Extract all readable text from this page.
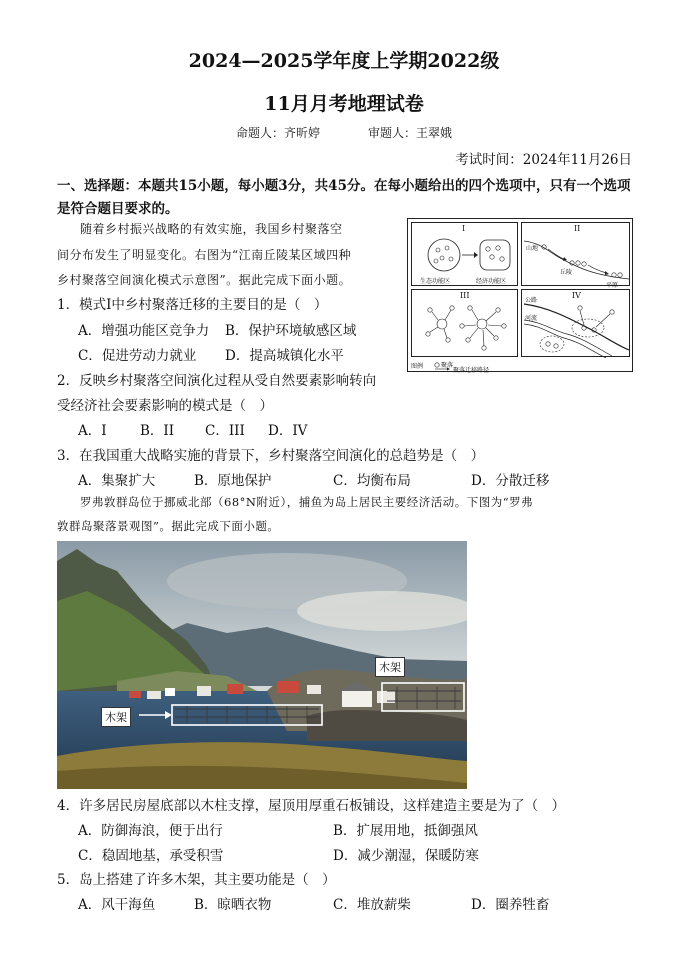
2024—2025学年度上学期2022级
11月月考地理试卷
命题人：齐昕婷	审题人：王翠娥
考试时间：2024年11月26日
一、选择题：本题共15小题，每小题3分，共45分。在每小题给出的四个选项中，只有一个选项是符合题目要求的。
随着乡村振兴战略的有效实施，我国乡村聚落空
间分布发生了明显变化。右图为“江南丘陵某区域四种
乡村聚落空间演化模式示意图”。据此完成下面小题。
I
生态功能区	经济功能区
II
山地
丘陵
平原
III	IV
公路
河流
图例	聚落
聚落迁移路径
1．模式Ⅰ中乡村聚落迁移的主要目的是（　）
A．增强功能区竞争力 B．保护环境敏感区域
C．促进劳动力就业 D．提高城镇化水平
2．反映乡村聚落空间演化过程从受自然要素影响转向
受经济社会要素影响的模式是（　）
A．I B．II C．III D．IV
3．在我国重大战略实施的背景下，乡村聚落空间演化的总趋势是（　）
A．集聚扩大	B．原地保护	C．均衡布局	D．分散迁移
罗弗敦群岛位于挪威北部（68°N附近），捕鱼为岛上居民主要经济活动。下图为“罗弗
敦群岛聚落景观图”。据此完成下面小题。
木架
木架
4．许多居民房屋底部以木柱支撑，屋顶用厚重石板铺设，这样建造主要是为了（　）
A．防御海浪，便于出行	B．扩展用地，抵御强风
C．稳固地基，承受积雪	D．减少潮湿，保暖防寒
5．岛上搭建了许多木架，其主要功能是（　）
A．风干海鱼	B．晾晒衣物	C．堆放薪柴	D．圈养牲畜
